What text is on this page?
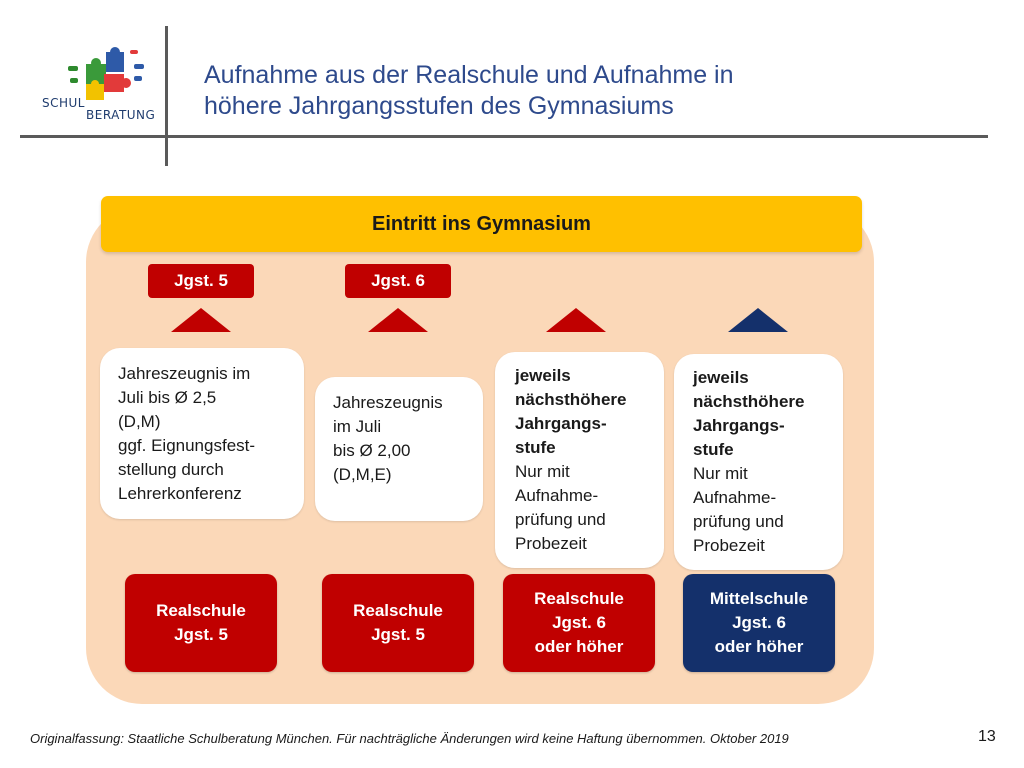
SCHUL
BERATUNG
Aufnahme aus der Realschule und Aufnahme in
höhere Jahrgangsstufen des Gymnasiums
Eintritt ins Gymnasium
Jgst. 5	Jgst. 6
Jahreszeugnis im
Juli bis Ø 2,5
(D,M)
ggf. Eignungsfest-
stellung durch
Lehrerkonferenz
Jahreszeugnis
im Juli
bis Ø 2,00
(D,M,E)
jeweils
nächsthöhere
Jahrgangs-
stufe
Nur mit
Aufnahme-
prüfung und
Probezeit
jeweils
nächsthöhere
Jahrgangs-
stufe
Nur mit
Aufnahme-
prüfung und
Probezeit
Realschule
Jgst. 5
Realschule
Jgst. 5
Realschule
Jgst. 6
oder höher
Mittelschule
Jgst. 6
oder höher
Originalfassung: Staatliche Schulberatung München. Für nachträgliche Änderungen wird keine Haftung übernommen. Oktober 2019	13
